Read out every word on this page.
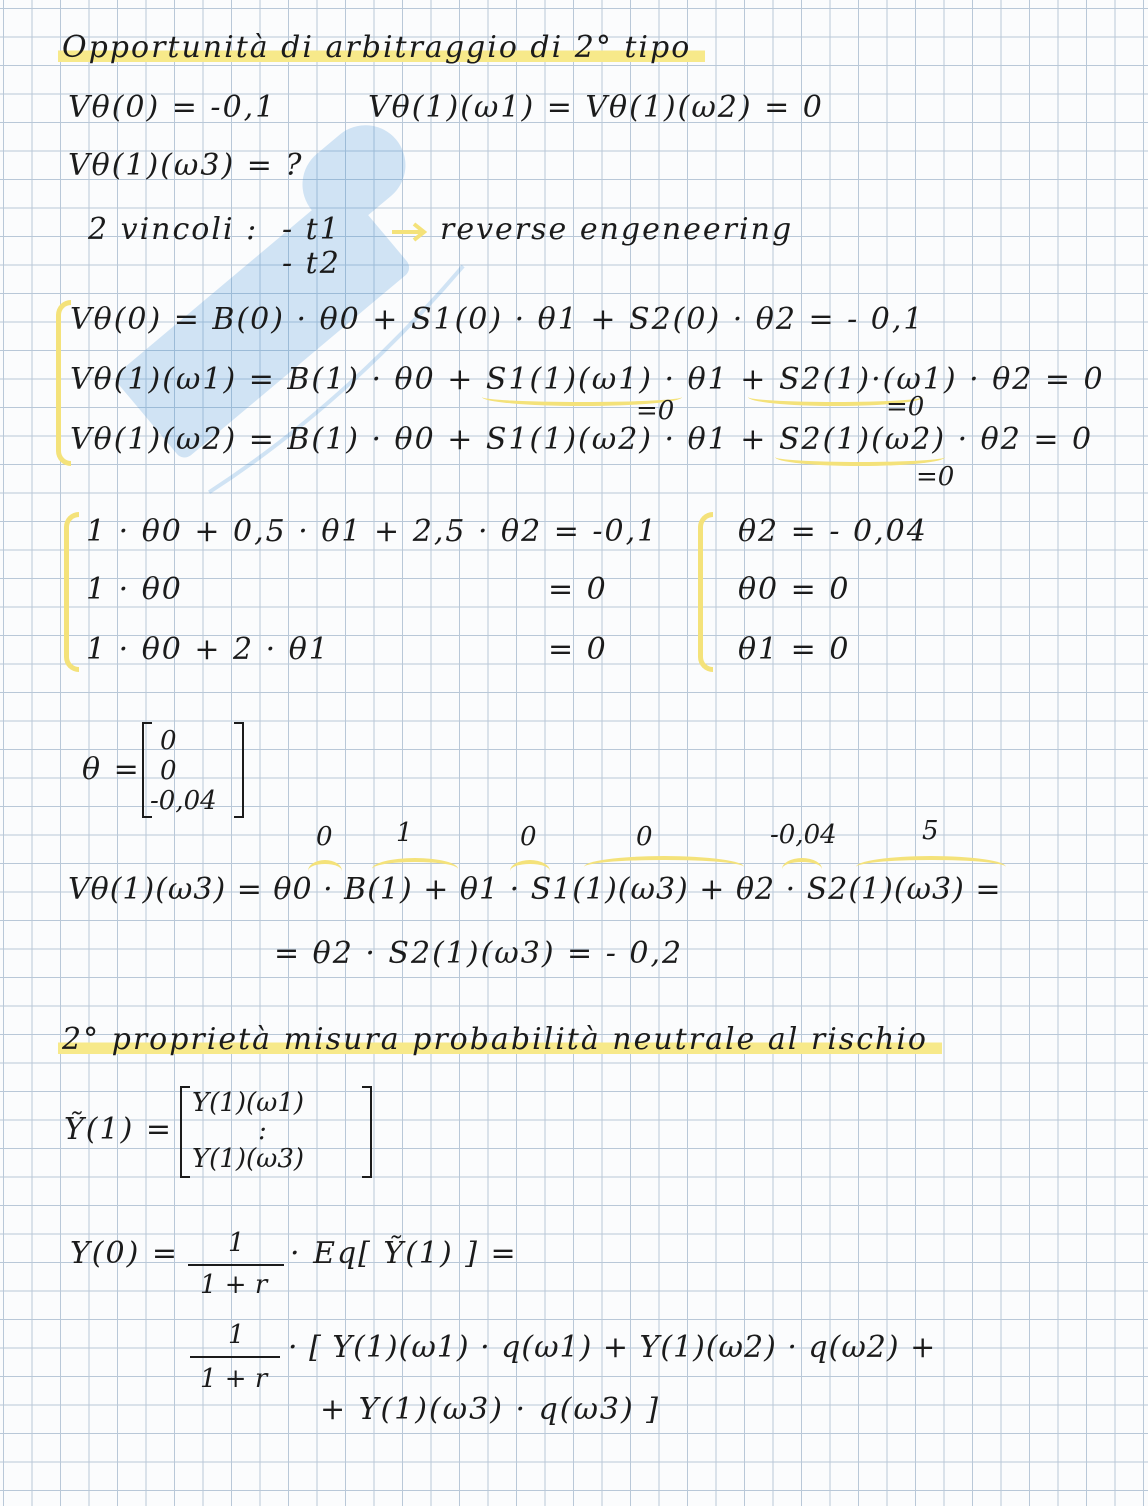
Opportunità di arbitraggio di 2° tipo
Vθ(0) = -0,1	Vθ(1)(ω1) = Vθ(1)(ω2) = 0
Vθ(1)(ω3) = ?
2 vincoli : - t1
- t2
reverse engeneering
Vθ(0) = B(0) · θ0 + S1(0) · θ1 + S2(0) · θ2 = - 0,1
Vθ(1)(ω1) = B(1) · θ0 + S1(1)(ω1) · θ1 + S2(1)·(ω1) · θ2 = 0
Vθ(1)(ω2) = B(1) · θ0 + S1(1)(ω2) · θ1 + S2(1)(ω2) · θ2 = 0
=0	=0
=0
1 · θ0 + 0,5 · θ1 + 2,5 · θ2 = -0,1
1 · θ0	= 0
1 · θ0 + 2 · θ1	= 0
θ2 = - 0,04
θ0 = 0
θ1 = 0
θ =
0
0
-0,04
0 1	0	0	-0,04	5
Vθ(1)(ω3) = θ0 · B(1) + θ1 · S1(1)(ω3) + θ2 · S2(1)(ω3) =
= θ2 · S2(1)(ω3) = - 0,2
2° proprietà misura probabilità neutrale al rischio
Ỹ(1) =
Y(1)(ω1)
:
Y(1)(ω3)
Y(0) = 1
1 + r
· Eq[ Ỹ(1) ] =
1
1 + r
· [ Y(1)(ω1) · q(ω1) + Y(1)(ω2) · q(ω2) +
+ Y(1)(ω3) · q(ω3) ]
